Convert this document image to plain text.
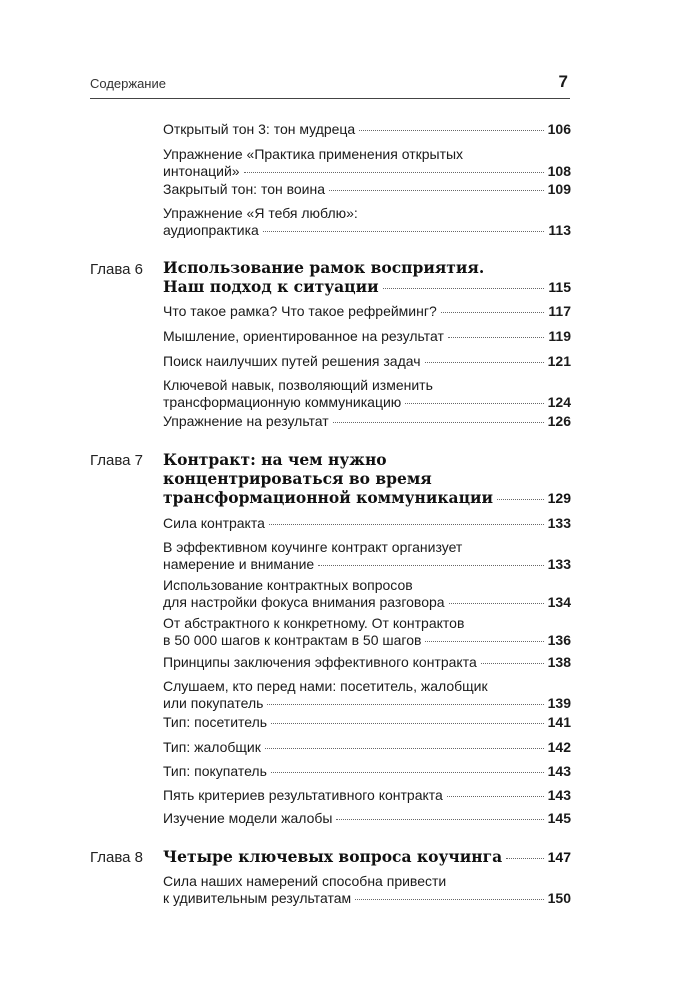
Содержание	7
Открытый тон 3: тон мудреца	106
Упражнение «Практика применения открытых
интонаций»	108
Закрытый тон: тон воина	109
Упражнение «Я тебя люблю»:
аудиопрактика	113
Глава 6 Использование рамок восприятия.
Наш подход к ситуации	115
Что такое рамка? Что такое рефрейминг?	117
Мышление, ориентированное на результат	119
Поиск наилучших путей решения задач	121
Ключевой навык, позволяющий изменить
трансформационную коммуникацию	124
Упражнение на результат	126
Глава 7 Контракт: на чем нужно
концентрироваться во время
трансформационной коммуникации	129
Сила контракта	133
В эффективном коучинге контракт организует
намерение и внимание	133
Использование контрактных вопросов
для настройки фокуса внимания разговора	134
От абстрактного к конкретному. От контрактов
в 50 000 шагов к контрактам в 50 шагов	136
Принципы заключения эффективного контракта	138
Слушаем, кто перед нами: посетитель, жалобщик
или покупатель	139
Тип: посетитель	141
Тип: жалобщик	142
Тип: покупатель	143
Пять критериев результативного контракта	143
Изучение модели жалобы	145
Глава 8 Четыре ключевых вопроса коучинга	147
Сила наших намерений способна привести
к удивительным результатам	150
